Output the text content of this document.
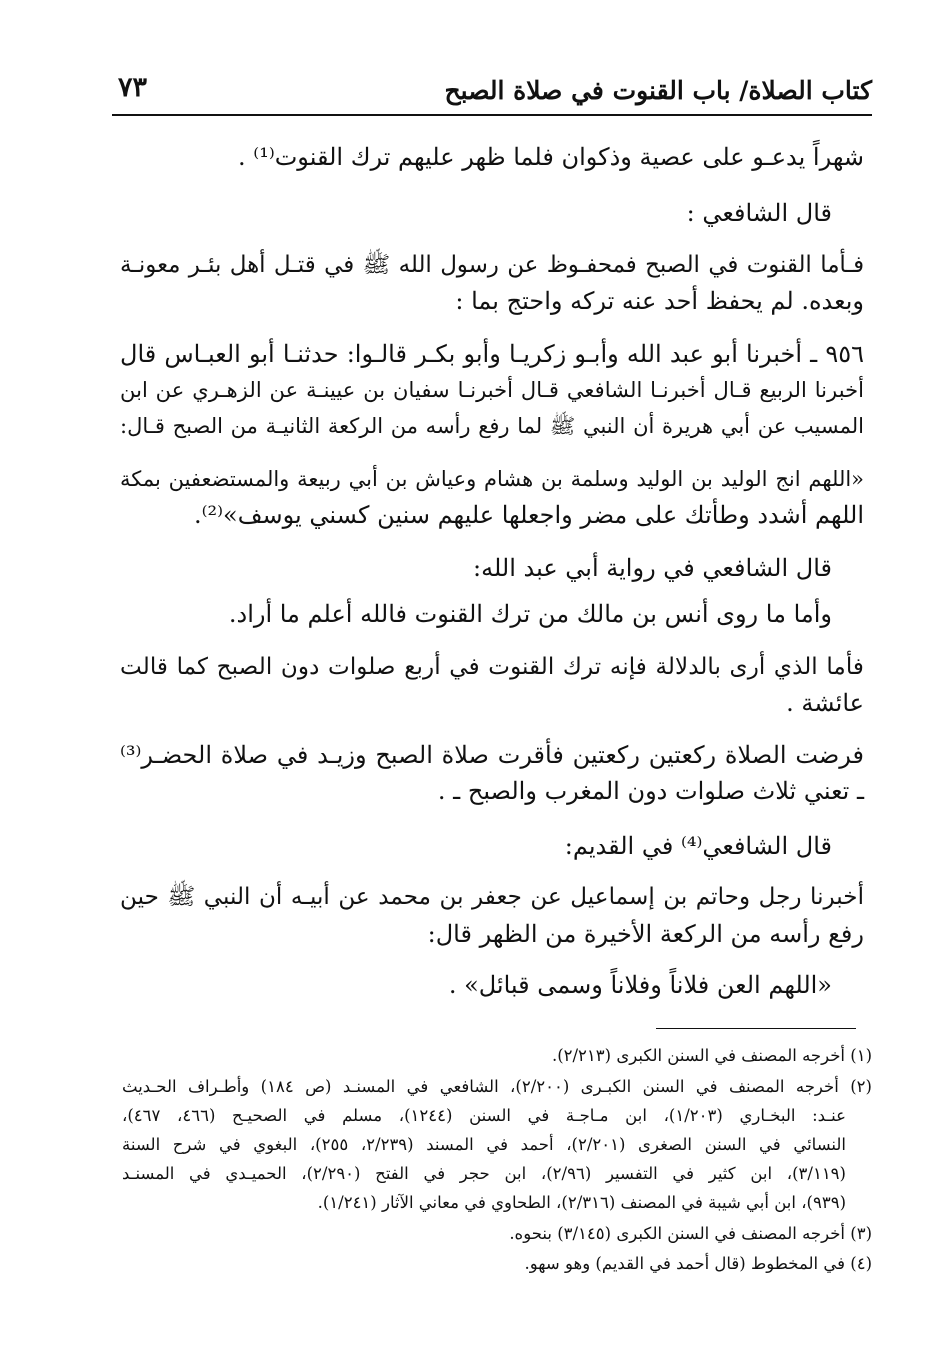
كتاب الصلاة/ باب القنوت في صلاة الصبح
٧٣
شهراً يدعـو على عصية وذكوان فلما ظهر عليهم ترك القنوت⁽¹⁾ .
قال الشافعي :
فـأما القنوت في الصبح فمحفـوظ عن رسول الله ﷺ في قتـل أهل بئـر معونـة
وبعده. لم يحفظ أحد عنه تركه واحتج بما :
٩٥٦ ـ أخبرنا أبو عبد الله وأبـو زكريـا وأبو بكـر قالـوا: حدثنـا أبو العبـاس قال
أخبرنا الربيع قـال أخبرنـا الشافعي قـال أخبرنـا سفيان بن عيينـة عن الزهـري عن ابن
المسيب عن أبي هريرة أن النبي ﷺ لما رفع رأسه من الركعة الثانيـة من الصبح قـال:
«اللهم انج الوليد بن الوليد وسلمة بن هشام وعياش بن أبي ربيعة والمستضعفين بمكة
اللهم أشدد وطأتك على مضر واجعلها عليهم سنين كسني يوسف»⁽²⁾.
قال الشافعي في رواية أبي عبد الله:
وأما ما روى أنس بن مالك من ترك القنوت فالله أعلم ما أراد.
فأما الذي أرى بالدلالة فإنه ترك القنوت في أربع صلوات دون الصبح كما قالت
عائشة .
فرضت الصلاة ركعتين ركعتين فأقرت صلاة الصبح وزيـد في صلاة الحضـر⁽³⁾
ـ تعني ثلاث صلوات دون المغرب والصبح ـ .
قال الشافعي⁽⁴⁾ في القديم:
أخبرنا رجل وحاتم بن إسماعيل عن جعفر بن محمد عن أبيـه أن النبي ﷺ حين
رفع رأسه من الركعة الأخيرة من الظهر قال:
«اللهم العن فلاناً وفلاناً وسمى قبائل» .
(١) أخرجه المصنف في السنن الكبرى (٢/٢١٣).
(٢) أخرجه المصنف في السنن الكبـرى (٢/٢٠٠)، الشافعي في المسنـد (ص ١٨٤) وأطـراف الحـديث
عنـد: البخـاري (١/٢٠٣)، ابن مـاجـة في السنن (١٢٤٤)، مسلم في الصحيـح (٤٦٦، ٤٦٧)،
النسائي في السنن الصغرى (٢/٢٠١)، أحمد في المسند (٢/٢٣٩، ٢٥٥)، البغوي في شرح السنة
(٣/١١٩)، ابن كثير في التفسير (٢/٩٦)، ابن حجر في الفتح (٢/٢٩٠)، الحميـدي في المسنـد
(٩٣٩)، ابن أبي شيبة في المصنف (٢/٣١٦)، الطحاوي في معاني الآثار (١/٢٤١).
(٣) أخرجه المصنف في السنن الكبرى (٣/١٤٥) بنحوه.
(٤) في المخطوط (قال أحمد في القديم) وهو سهو.
